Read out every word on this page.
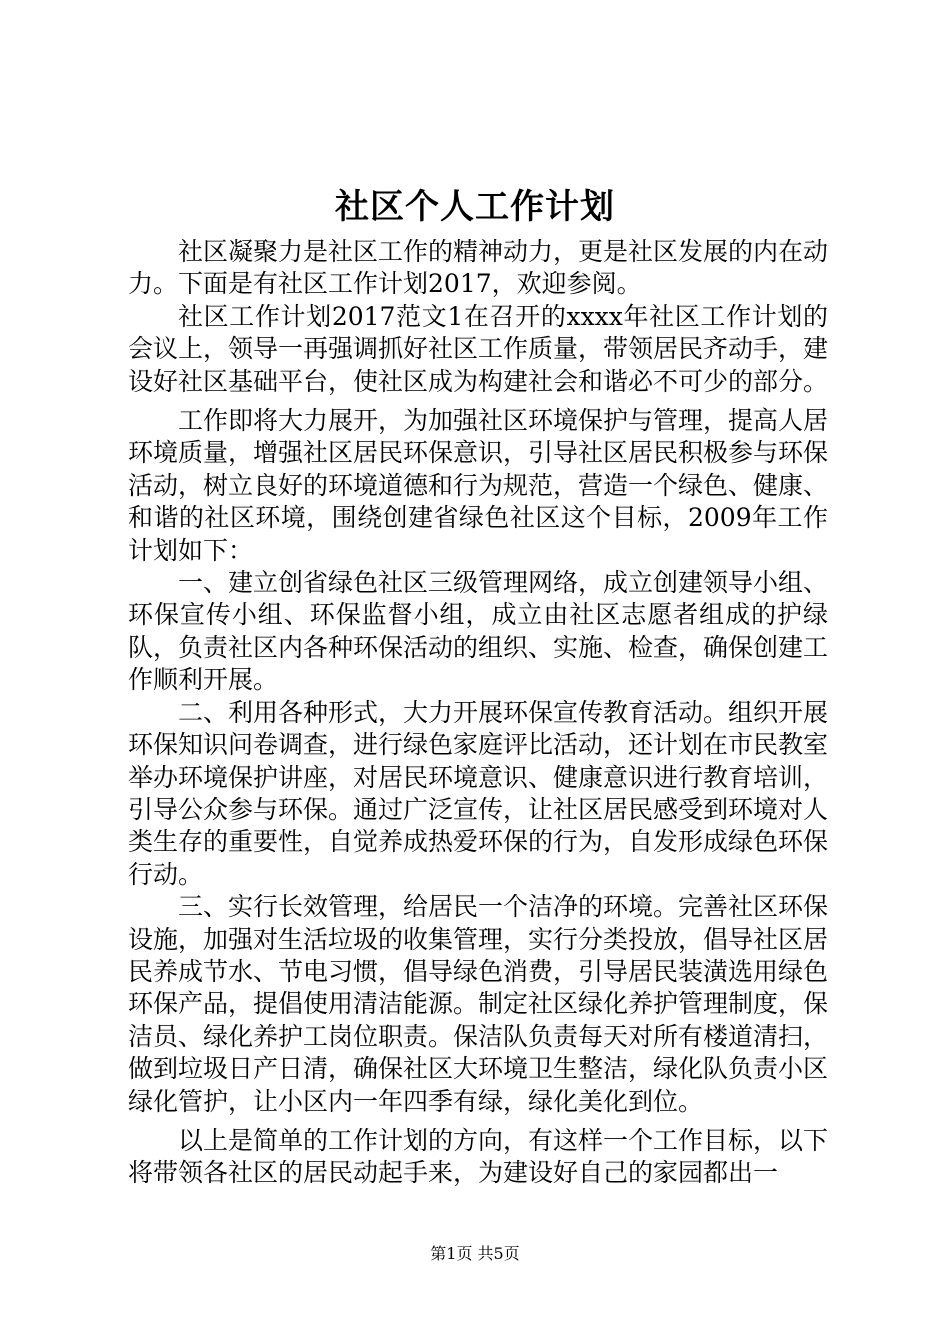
社区个人工作计划

社区凝聚力是社区工作的精神动力，更是社区发展的内在动力。下面是有社区工作计划2017，欢迎参阅。

社区工作计划2017范文1在召开的xxxx年社区工作计划的会议上，领导一再强调抓好社区工作质量，带领居民齐动手，建设好社区基础平台，使社区成为构建社会和谐必不可少的部分。

工作即将大力展开，为加强社区环境保护与管理，提高人居环境质量，增强社区居民环保意识，引导社区居民积极参与环保活动，树立良好的环境道德和行为规范，营造一个绿色、健康、和谐的社区环境，围绕创建省绿色社区这个目标，2009年工作计划如下：

一、建立创省绿色社区三级管理网络，成立创建领导小组、环保宣传小组、环保监督小组，成立由社区志愿者组成的护绿队，负责社区内各种环保活动的组织、实施、检查，确保创建工作顺利开展。

二、利用各种形式，大力开展环保宣传教育活动。组织开展环保知识问卷调查，进行绿色家庭评比活动，还计划在市民教室举办环境保护讲座，对居民环境意识、健康意识进行教育培训，引导公众参与环保。通过广泛宣传，让社区居民感受到环境对人类生存的重要性，自觉养成热爱环保的行为，自发形成绿色环保行动。

三、实行长效管理，给居民一个洁净的环境。完善社区环保设施，加强对生活垃圾的收集管理，实行分类投放，倡导社区居民养成节水、节电习惯，倡导绿色消费，引导居民装潢选用绿色环保产品，提倡使用清洁能源。制定社区绿化养护管理制度，保洁员、绿化养护工岗位职责。保洁队负责每天对所有楼道清扫，做到垃圾日产日清，确保社区大环境卫生整洁，绿化队负责小区绿化管护，让小区内一年四季有绿，绿化美化到位。

以上是简单的工作计划的方向，有这样一个工作目标，以下将带领各社区的居民动起手来，为建设好自己的家园都出一

第1页 共5页
